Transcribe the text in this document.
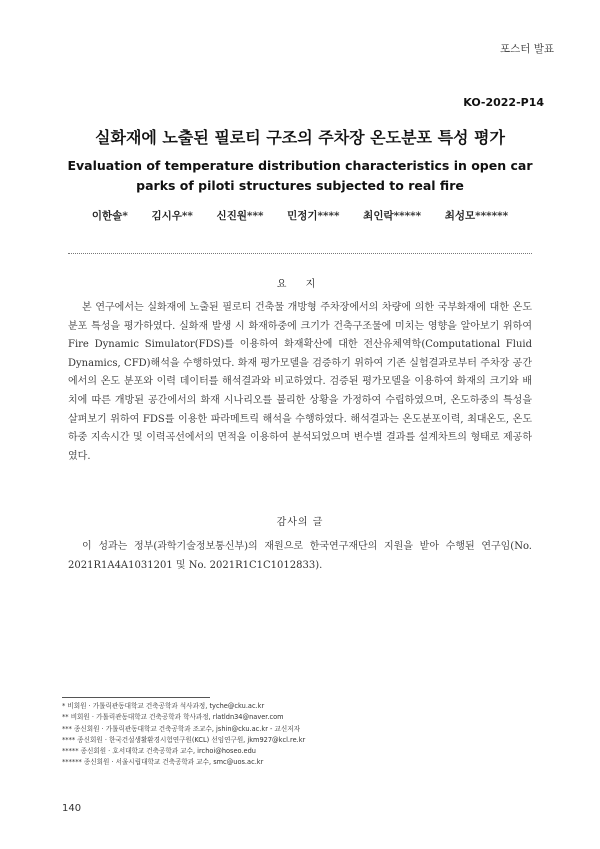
포스터 발표
KO-2022-P14
실화재에 노출된 필로티 구조의 주차장 온도분포 특성 평가
Evaluation of temperature distribution characteristics in open car parks of piloti structures subjected to real fire
이한솔* 김시우** 신진원*** 민정기**** 최인락***** 최성모******
요 지

본 연구에서는 실화재에 노출된 필로티 건축물 개방형 주차장에서의 차량에 의한 국부화재에 대한 온도분포 특성을 평가하였다. 실화재 발생 시 화재하중에 크기가 건축구조물에 미치는 영향을 알아보기 위하여 Fire Dynamic Simulator(FDS)를 이용하여 화재확산에 대한 전산유체역학(Computational Fluid Dynamics, CFD)해석을 수행하였다. 화재 평가모델을 검증하기 위하여 기존 실험결과로부터 주차장 공간에서의 온도 분포와 이력 데이터를 해석결과와 비교하였다. 검증된 평가모델을 이용하여 화재의 크기와 배치에 따른 개방된 공간에서의 화재 시나리오를 불리한 상황을 가정하여 수립하였으며, 온도하중의 특성을 살펴보기 위하여 FDS를 이용한 파라메트릭 해석을 수행하였다. 해석결과는 온도분포이력, 최대온도, 온도하중 지속시간 및 이력곡선에서의 면적을 이용하여 분석되었으며 변수별 결과를 설계차트의 형태로 제공하였다.

감사의 글

이 성과는 정부(과학기술정보통신부)의 재원으로 한국연구재단의 지원을 받아 수행된 연구임(No. 2021R1A4A1031201 및 No. 2021R1C1C1012833).

* 비회원 · 가톨릭관동대학교 건축공학과 석사과정, tyche@cku.ac.kr
** 비회원 · 가톨릭관동대학교 건축공학과 학사과정, rlatldn34@naver.com
*** 종신회원 · 가톨릭관동대학교 건축공학과 조교수, jshin@cku.ac.kr - 교신저자
**** 종신회원 · 한국건설생활환경시험연구원(KCL) 선임연구원, jkm927@kcl.re.kr
***** 종신회원 · 호서대학교 건축공학과 교수, irchoi@hoseo.edu
****** 종신회원 · 서울시립대학교 건축공학과 교수, smc@uos.ac.kr
140
